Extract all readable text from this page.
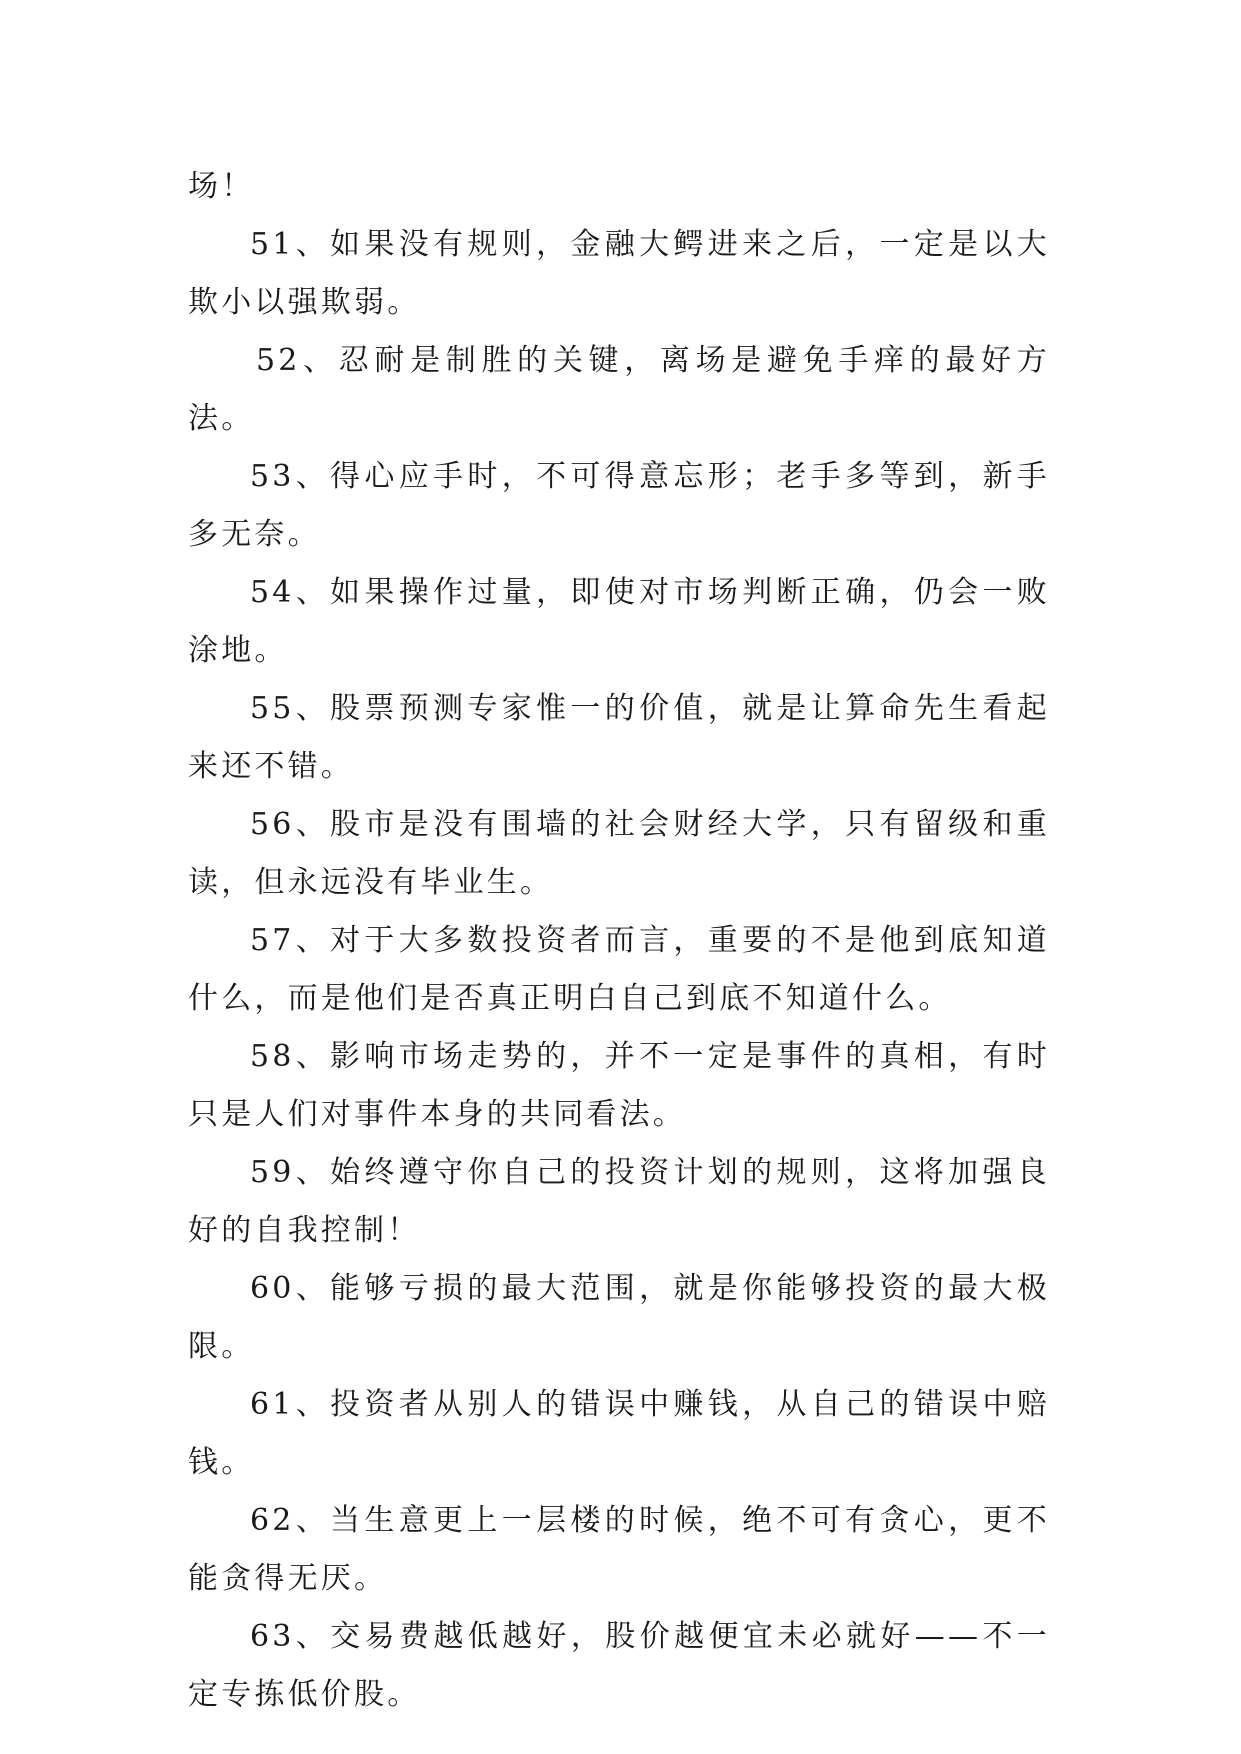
场！

51、如果没有规则，金融大鳄进来之后，一定是以大欺小以强欺弱。

52、忍耐是制胜的关键，离场是避免手痒的最好方法。

53、得心应手时，不可得意忘形；老手多等到，新手多无奈。

54、如果操作过量，即使对市场判断正确，仍会一败涂地。

55、股票预测专家惟一的价值，就是让算命先生看起来还不错。

56、股市是没有围墙的社会财经大学，只有留级和重读，但永远没有毕业生。

57、对于大多数投资者而言，重要的不是他到底知道什么，而是他们是否真正明白自己到底不知道什么。

58、影响市场走势的，并不一定是事件的真相，有时只是人们对事件本身的共同看法。

59、始终遵守你自己的投资计划的规则，这将加强良好的自我控制！

60、能够亏损的最大范围，就是你能够投资的最大极限。

61、投资者从别人的错误中赚钱，从自己的错误中赔钱。

62、当生意更上一层楼的时候，绝不可有贪心，更不能贪得无厌。

63、交易费越低越好，股价越便宜未必就好——不一定专拣低价股。
